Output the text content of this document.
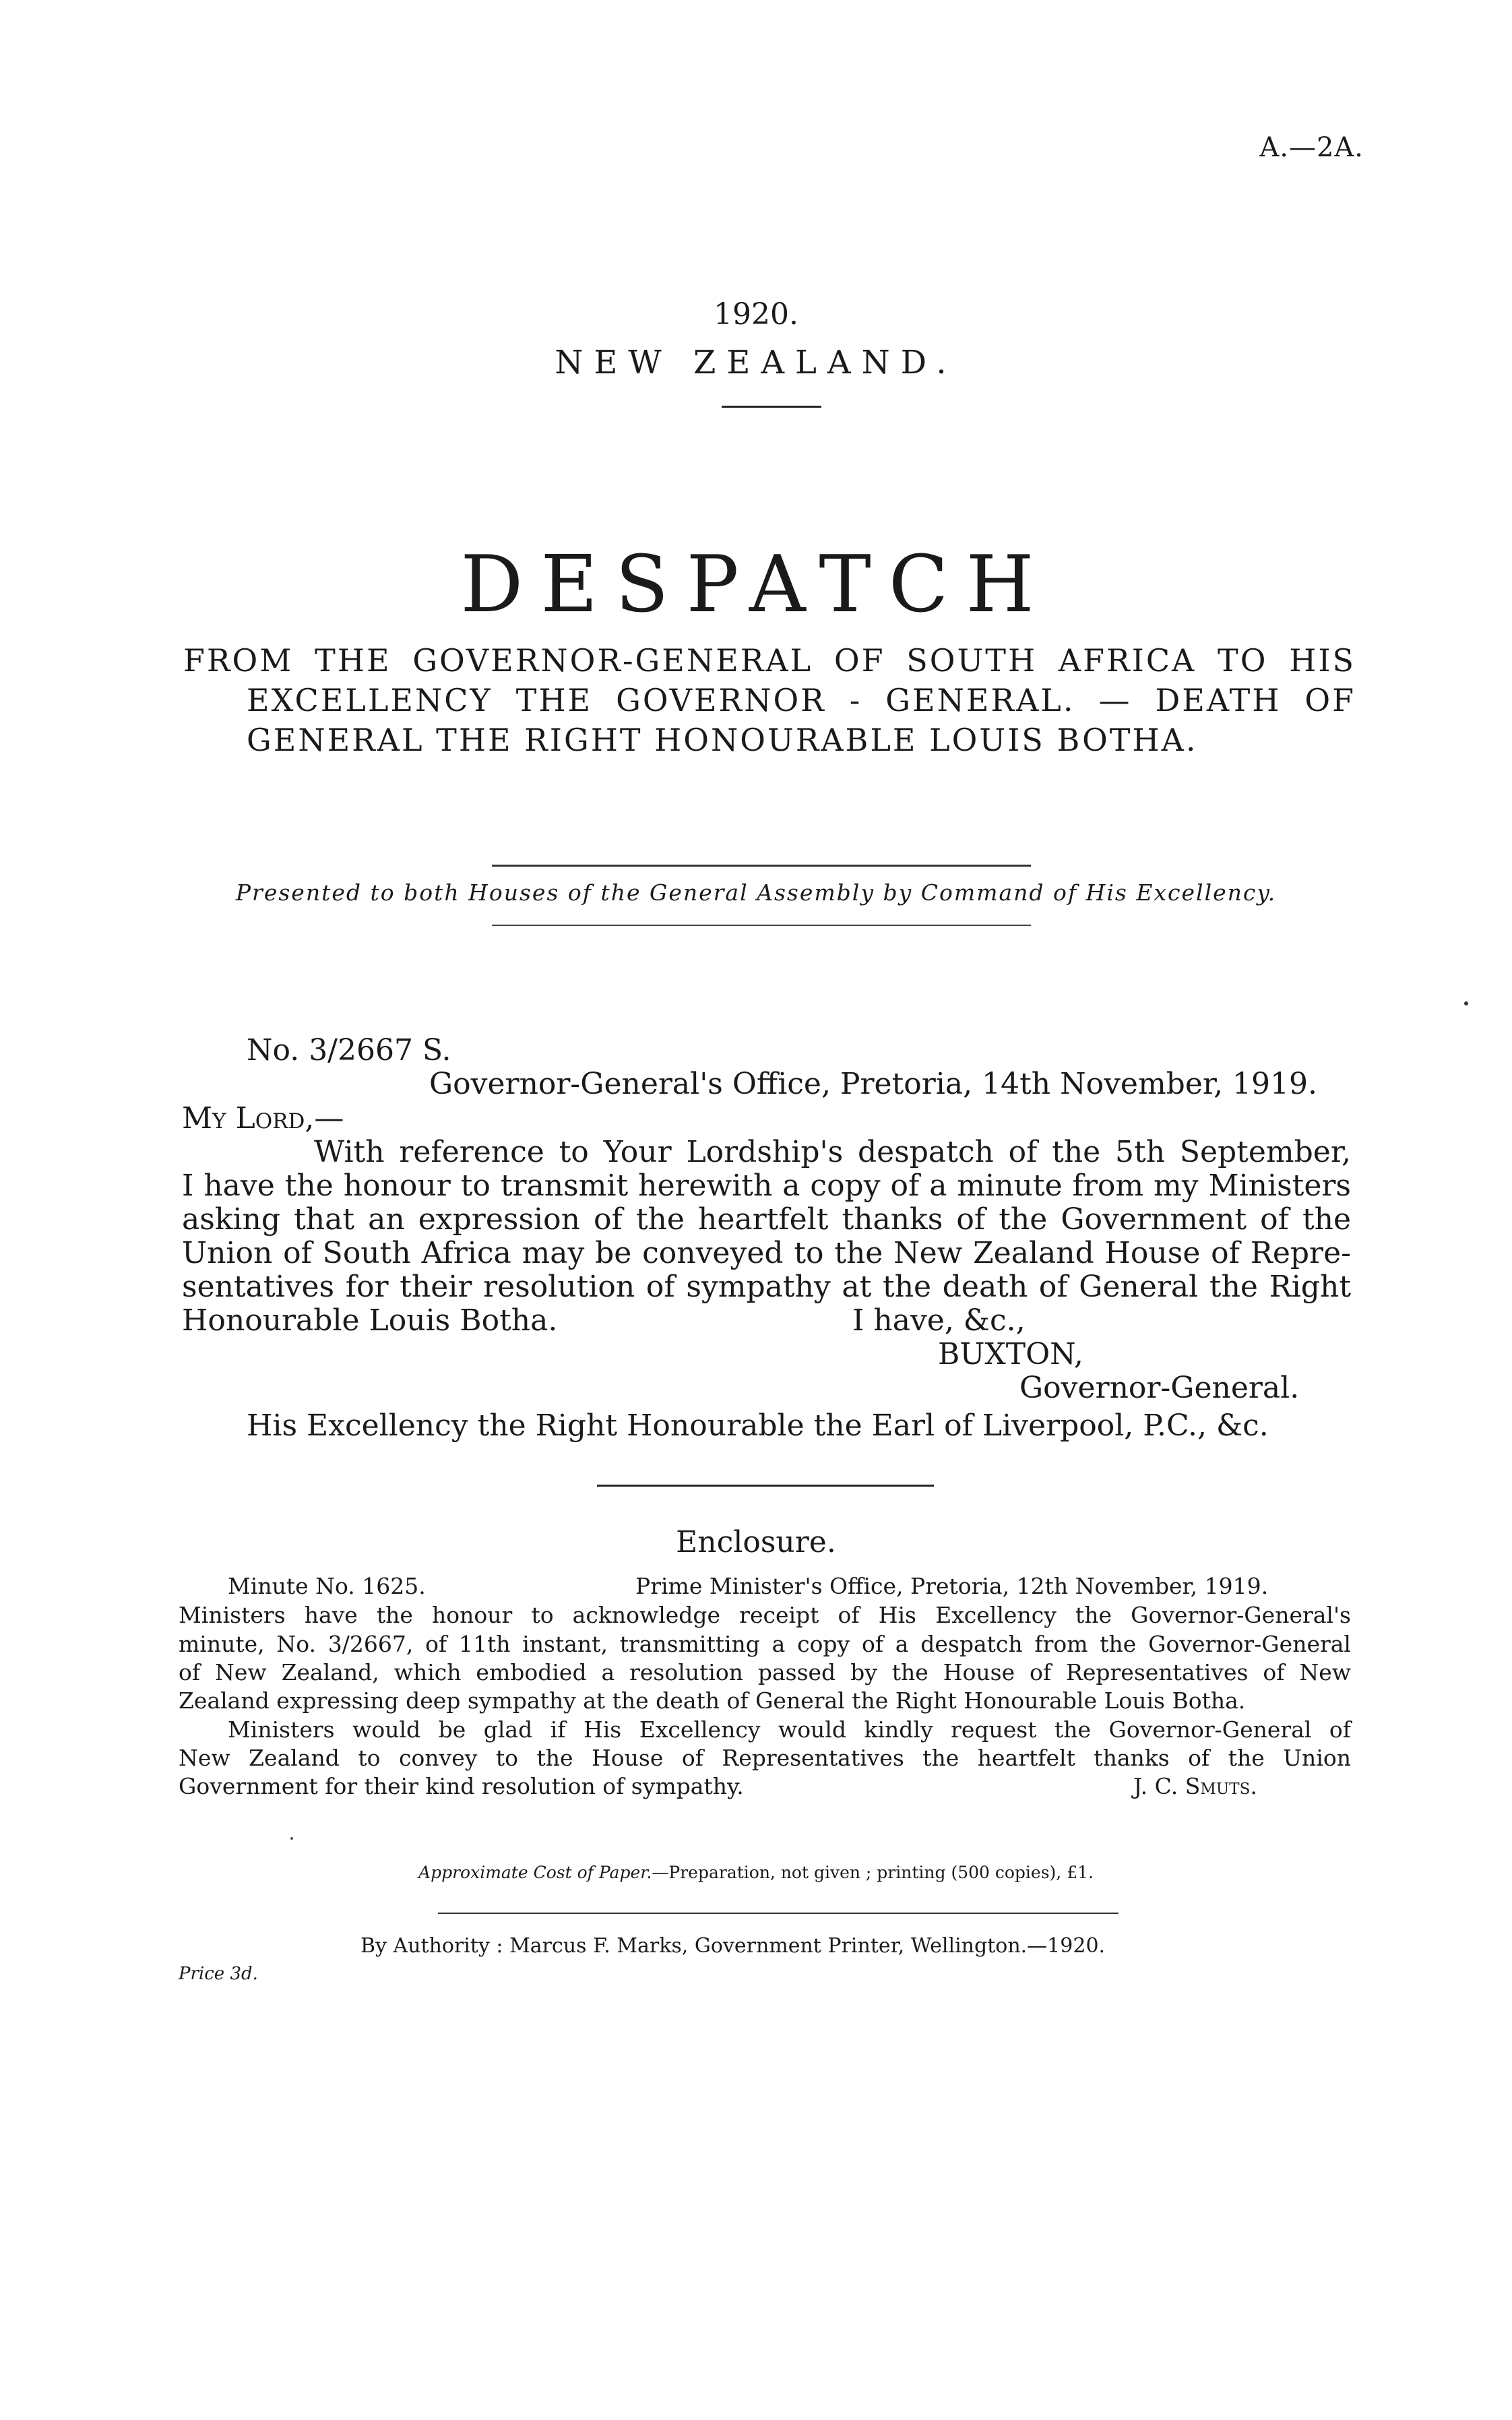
A.—2A.
1920.
NEW ZEALAND.
DESPATCH
FROM THE GOVERNOR-GENERAL OF SOUTH AFRICA TO HIS
EXCELLENCY THE GOVERNOR - GENERAL. — DEATH OF
GENERAL THE RIGHT HONOURABLE LOUIS BOTHA.
Presented to both Houses of the General Assembly by Command of His Excellency.
No. 3/2667 S.
Governor-General's Office, Pretoria, 14th November, 1919.
My Lord,—
With reference to Your Lordship's despatch of the 5th September,
I have the honour to transmit herewith a copy of a minute from my Ministers
asking that an expression of the heartfelt thanks of the Government of the
Union of South Africa may be conveyed to the New Zealand House of Repre-
sentatives for their resolution of sympathy at the death of General the Right
Honourable Louis Botha.	I have, &c.,
BUXTON,
Governor-General.
His Excellency the Right Honourable the Earl of Liverpool, P.C., &c.
Enclosure.
Minute No. 1625.	Prime Minister's Office, Pretoria, 12th November, 1919.
Ministers have the honour to acknowledge receipt of His Excellency the Governor-General's
minute, No. 3/2667, of 11th instant, transmitting a copy of a despatch from the Governor-General
of New Zealand, which embodied a resolution passed by the House of Representatives of New
Zealand expressing deep sympathy at the death of General the Right Honourable Louis Botha.
Ministers would be glad if His Excellency would kindly request the Governor-General of
New Zealand to convey to the House of Representatives the heartfelt thanks of the Union
Government for their kind resolution of sympathy.	J. C. Smuts.
Approximate Cost of Paper.—Preparation, not given ; printing (500 copies), £1.
By Authority : Marcus F. Marks, Government Printer, Wellington.—1920.
Price 3d.
